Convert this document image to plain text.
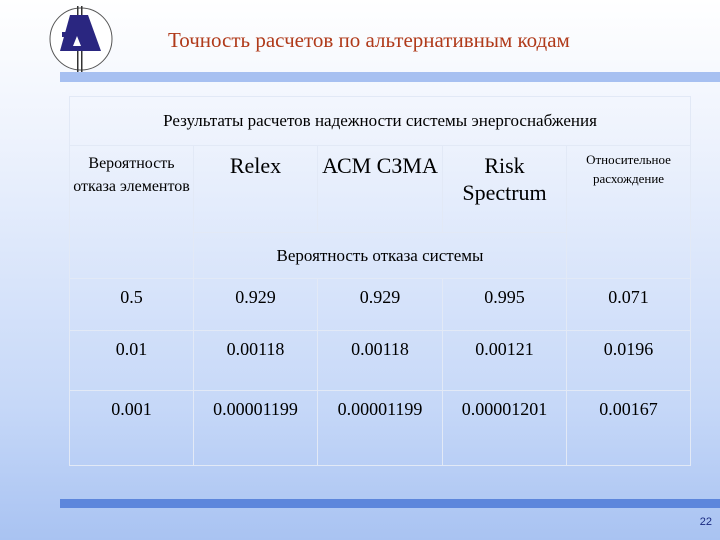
Точность расчетов по альтернативным кодам
Результаты расчетов надежности системы энергоснабжения				
Вероятность отказа элементов	Relex	АСМ СЗМА	Risk Spectrum	Относительное расхождение
	Вероятность отказа системы			
0.5	0.929	0.929	0.995	0.071
0.01	0.00118	0.00118	0.00121	0.0196
0.001	0.00001199	0.00001199	0.00001201	0.00167
22
